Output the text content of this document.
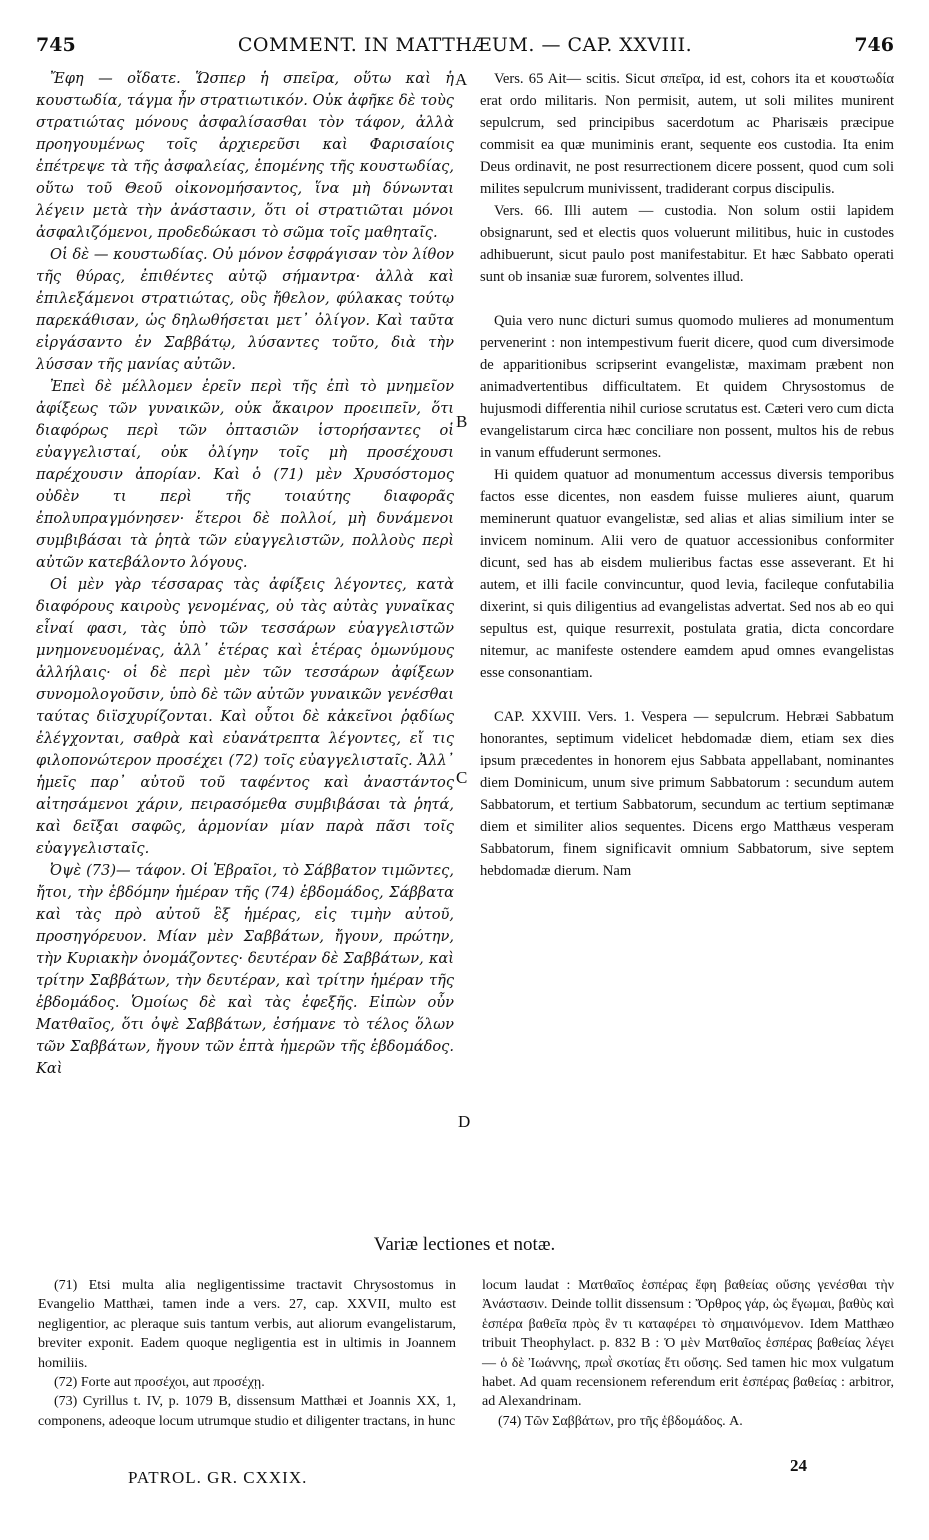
745	COMMENT. IN MATTHÆUM. — CAP. XXVIII.	746

Ἔφη — οἴδατε. Ὥσπερ ἡ σπεῖρα, οὕτω καὶ ἡ κουστωδία, τάγμα ἦν στρατιωτικόν. Οὐκ ἀφῆκε δὲ τοὺς στρατιώτας μόνους ἀσφαλίσασθαι τὸν τάφον, ἀλλὰ προηγουμένως τοῖς ἀρχιερεῦσι καὶ Φαρισαίοις ἐπέτρεψε τὰ τῆς ἀσφαλείας, ἑπομένης τῆς κουστωδίας, οὕτω τοῦ Θεοῦ οἰκονομήσαντος, ἵνα μὴ δύνωνται λέγειν μετὰ τὴν ἀνάστασιν, ὅτι οἱ στρατιῶται μόνοι ἀσφαλιζόμενοι, προδεδώκασι τὸ σῶμα τοῖς μαθηταῖς.

Οἱ δὲ — κουστωδίας. Οὐ μόνον ἐσφράγισαν τὸν λίθον τῆς θύρας, ἐπιθέντες αὐτῷ σήμαντρα· ἀλλὰ καὶ ἐπιλεξάμενοι στρατιώτας, οὓς ἤθελον, φύλακας τούτῳ παρεκάθισαν, ὡς δηλωθήσεται μετ᾽ ὀλίγον. Καὶ ταῦτα εἰργάσαντο ἐν Σαββάτῳ, λύσαντες τοῦτο, διὰ τὴν λύσσαν τῆς μανίας αὐτῶν.

Ἐπεὶ δὲ μέλλομεν ἐρεῖν περὶ τῆς ἐπὶ τὸ μνημεῖον ἀφίξεως τῶν γυναικῶν, οὐκ ἄκαιρον προειπεῖν, ὅτι διαφόρως περὶ τῶν ὀπτασιῶν ἱστορήσαντες οἱ εὐαγγελισταί, οὐκ ὀλίγην τοῖς μὴ προσέχουσι παρέχουσιν ἀπορίαν. Καὶ ὁ (71) μὲν Χρυσόστομος οὐδὲν τι περὶ τῆς τοιαύτης διαφορᾶς ἐπολυπραγμόνησεν· ἕτεροι δὲ πολλοί, μὴ δυνάμενοι συμβιβάσαι τὰ ῥητὰ τῶν εὐαγγελιστῶν, πολλοὺς περὶ αὐτῶν κατεβάλοντο λόγους.

Οἱ μὲν γὰρ τέσσαρας τὰς ἀφίξεις λέγοντες, κατὰ διαφόρους καιροὺς γενομένας, οὐ τὰς αὐτὰς γυναῖκας εἶναί φασι, τὰς ὑπὸ τῶν τεσσάρων εὐαγγελιστῶν μνημονευομένας, ἀλλ᾽ ἑτέρας καὶ ἑτέρας ὁμωνύμους ἀλλήλαις· οἱ δὲ περὶ μὲν τῶν τεσσάρων ἀφίξεων συνομολογοῦσιν, ὑπὸ δὲ τῶν αὐτῶν γυναικῶν γενέσθαι ταύτας διϊσχυρίζονται. Καὶ οὗτοι δὲ κἀκεῖνοι ῥᾳδίως ἐλέγχονται, σαθρὰ καὶ εὐανάτρεπτα λέγοντες, εἴ τις φιλοπονώτερον προσέχει (72) τοῖς εὐαγγελισταῖς. Ἀλλ᾽ ἡμεῖς παρ᾽ αὐτοῦ τοῦ ταφέντος καὶ ἀναστάντος αἰτησάμενοι χάριν, πειρασόμεθα συμβιβάσαι τὰ ῥητά, καὶ δεῖξαι σαφῶς, ἁρμονίαν μίαν παρὰ πᾶσι τοῖς εὐαγγελισταῖς.

Ὀψὲ (73)— τάφον. Οἱ Ἑβραῖοι, τὸ Σάββατον τιμῶντες, ἤτοι, τὴν ἑβδόμην ἡμέραν τῆς (74) ἑβδομάδος, Σάββατα καὶ τὰς πρὸ αὐτοῦ ἓξ ἡμέρας, εἰς τιμὴν αὐτοῦ, προσηγόρευον. Μίαν μὲν Σαββάτων, ἤγουν, πρώτην, τὴν Κυριακὴν ὀνομάζοντες· δευτέραν δὲ Σαββάτων, καὶ τρίτην Σαββάτων, τὴν δευτέραν, καὶ τρίτην ἡμέραν τῆς ἑβδομάδος. Ὁμοίως δὲ καὶ τὰς ἐφεξῆς. Εἰπὼν οὖν Ματθαῖος, ὅτι ὀψὲ Σαββάτων, ἐσήμανε τὸ τέλος ὅλων τῶν Σαββάτων, ἤγουν τῶν ἑπτὰ ἡμερῶν τῆς ἑβδομάδος. Καὶ

A
B
C
D

Vers. 65 Ait— scitis. Sicut σπεῖρα, id est, cohors ita et κουστωδία erat ordo militaris. Non permisit, autem, ut soli milites munirent sepulcrum, sed principibus sacerdotum ac Pharisæis præcipue commisit ea quæ muniminis erant, sequente eos custodia. Ita enim Deus ordinavit, ne post resurrectionem dicere possent, quod cum soli milites sepulcrum munivissent, tradiderant corpus discipulis.

Vers. 66. Illi autem — custodia. Non solum ostii lapidem obsignarunt, sed et electis quos voluerunt militibus, huic in custodes adhibuerunt, sicut paulo post manifestabitur. Et hæc Sabbato operati sunt ob insaniæ suæ furorem, solventes illud.

Quia vero nunc dicturi sumus quomodo mulieres ad monumentum pervenerint : non intempestivum fuerit dicere, quod cum diversimode de apparitionibus scripserint evangelistæ, maximam præbent non animadvertentibus difficultatem. Et quidem Chrysostomus de hujusmodi differentia nihil curiose scrutatus est. Cæteri vero cum dicta evangelistarum circa hæc conciliare non possent, multos his de rebus in vanum effuderunt sermones.

Hi quidem quatuor ad monumentum accessus diversis temporibus factos esse dicentes, non easdem fuisse mulieres aiunt, quarum meminerunt quatuor evangelistæ, sed alias et alias similium inter se invicem nominum. Alii vero de quatuor accessionibus conformiter dicunt, sed has ab eisdem mulieribus factas esse asseverant. Et hi autem, et illi facile convincuntur, quod levia, facileque confutabilia dixerint, si quis diligentius ad evangelistas advertat. Sed nos ab eo qui sepultus est, quique resurrexit, postulata gratia, dicta concordare nitemur, ac manifeste ostendere eamdem apud omnes evangelistas esse consonantiam.

CAP. XXVIII. Vers. 1. Vespera — sepulcrum. Hebræi Sabbatum honorantes, septimum videlicet hebdomadæ diem, etiam sex dies ipsum præcedentes in honorem ejus Sabbata appellabant, nominantes diem Dominicum, unum sive primum Sabbatorum : secundum autem Sabbatorum, et tertium Sabbatorum, secundum ac tertium septimanæ diem et similiter alios sequentes. Dicens ergo Matthæus vesperam Sabbatorum, finem significavit omnium Sabbatorum, sive septem hebdomadæ dierum. Nam

Variæ lectiones et notæ.

(71) Etsi multa alia negligentissime tractavit Chrysostomus in Evangelio Matthæi, tamen inde a vers. 27, cap. XXVII, multo est negligentior, ac pleraque suis tantum verbis, aut aliorum evangelistarum, breviter exponit. Eadem quoque negligentia est in ultimis in Joannem homiliis.

(72) Forte aut προσέχοι, aut προσέχῃ.

(73) Cyrillus t. IV, p. 1079 B, dissensum Matthæi et Joannis XX, 1, componens, adeoque locum utrumque studio et diligenter tractans, in hunc

locum laudat : Ματθαῖος ἑσπέρας ἔφη βαθείας οὔσης γενέσθαι τὴν Ἀνάστασιν. Deinde tollit dissensum : Ὄρθρος γάρ, ὡς ἔγωμαι, βαθὺς καὶ ἑσπέρα βαθεῖα πρὸς ἓν τι καταφέρει τὸ σημαινόμενον. Idem Matthæo tribuit Theophylact. p. 832 B : Ὁ μὲν Ματθαῖος ἑσπέρας βαθείας λέγει — ὁ δὲ Ἰωάννης, πρωῒ σκοτίας ἔτι οὔσης. Sed tamen hic mox vulgatum habet. Ad quam recensionem referendum erit ἑσπέρας βαθείας : arbitror, ad Alexandrinam.

(74) Τῶν Σαββάτων, pro τῆς ἑβδομάδος. A.

PATROL. GR. CXXIX.
24
